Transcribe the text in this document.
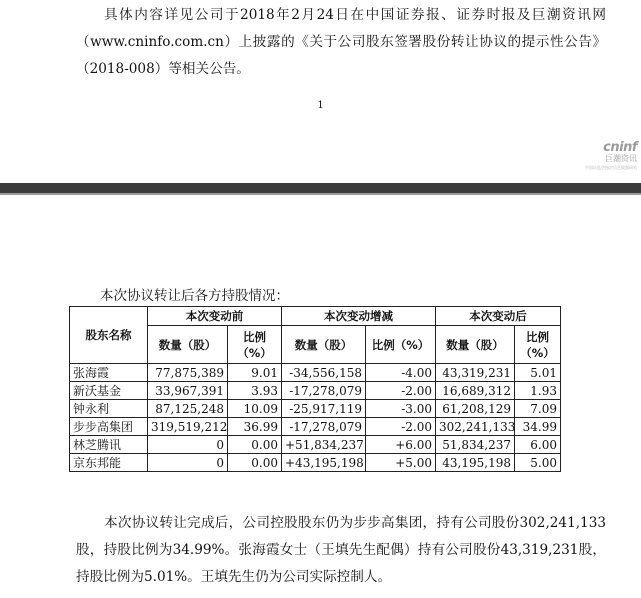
具体内容详见公司于2018年2月24日在中国证券报、证券时报及巨潮资讯网（www.cninfo.com.cn）上披露的《关于公司股东签署股份转让协议的提示性公告》（2018-008）等相关公告。
1
cninf
巨潮资讯
中国证监会指定信息披露网站
本次协议转让后各方持股情况：
股东名称	本次变动前		本次变动增减		本次变动后	
	数量（股）	比例
（%）	数量（股）	比例（%）	数量（股）	比例
（%）
张海霞	77,875,389	9.01	-34,556,158	-4.00	43,319,231	5.01
新沃基金	33,967,391	3.93	-17,278,079	-2.00	16,689,312	1.93
钟永利	87,125,248	10.09	-25,917,119	-3.00	61,208,129	7.09
步步高集团	319,519,212	36.99	-17,278,079	-2.00	302,241,133	34.99
林芝腾讯	0	0.00	+51,834,237	+6.00	51,834,237	6.00
京东邦能	0	0.00	+43,195,198	+5.00	43,195,198	5.00
本次协议转让完成后，公司控股股东仍为步步高集团，持有公司股份302,241,133股，持股比例为34.99%。张海霞女士（王填先生配偶）持有公司股份43,319,231股，持股比例为5.01%。王填先生仍为公司实际控制人。
